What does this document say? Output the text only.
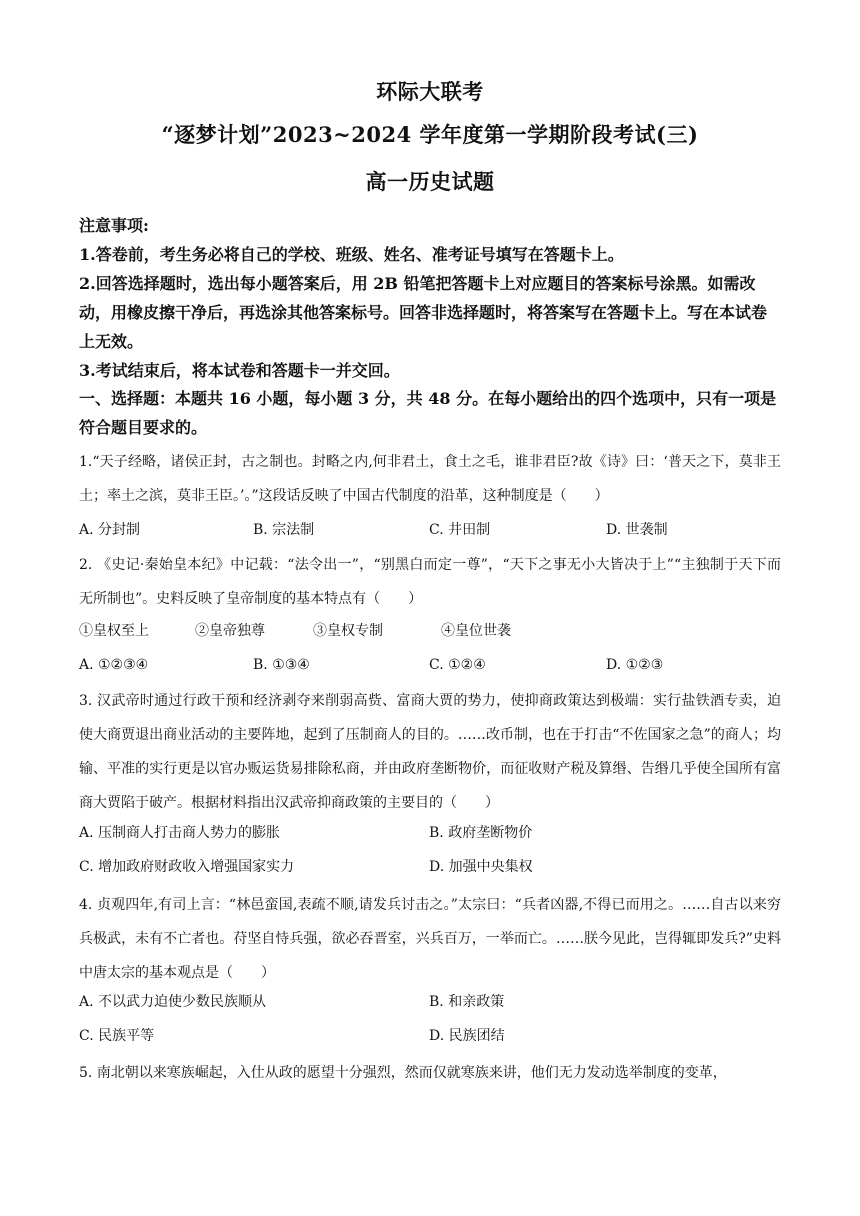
环际大联考
“逐梦计划”2023~2024 学年度第一学期阶段考试(三)
高一历史试题
注意事项:
1.答卷前，考生务必将自己的学校、班级、姓名、准考证号填写在答题卡上。
2.回答选择题时，选出每小题答案后，用 2B 铅笔把答题卡上对应题目的答案标号涂黑。如需改动，用橡皮擦干净后，再选涂其他答案标号。回答非选择题时，将答案写在答题卡上。写在本试卷上无效。
3.考试结束后，将本试卷和答题卡一并交回。
一、选择题：本题共 16 小题，每小题 3 分，共 48 分。在每小题给出的四个选项中，只有一项是符合题目要求的。
1.“天子经略，诸侯正封，古之制也。封略之内,何非君土，食土之毛，谁非君臣?故《诗》曰：‘普天之下，莫非王土；率土之滨，莫非王臣。’。”这段话反映了中国古代制度的沿革，这种制度是（　　）
A. 分封制	B. 宗法制	C. 井田制	D. 世袭制
2. 《史记·秦始皇本纪》中记载：“法令出一”，“别黑白而定一尊”，“天下之事无小大皆决于上”“主独制于天下而无所制也”。史料反映了皇帝制度的基本特点有（　　）
①皇权至上	②皇帝独尊	③皇权专制	④皇位世袭
A. ①②③④	B. ①③④	C. ①②④	D. ①②③
3. 汉武帝时通过行政干预和经济剥夺来削弱高赀、富商大贾的势力，使抑商政策达到极端：实行盐铁酒专卖，迫使大商贾退出商业活动的主要阵地，起到了压制商人的目的。……改币制，也在于打击“不佐国家之急”的商人；均输、平准的实行更是以官办贩运货易排除私商，并由政府垄断物价，而征收财产税及算缗、告缗几乎使全国所有富商大贾陷于破产。根据材料指出汉武帝抑商政策的主要目的（　　）
A. 压制商人打击商人势力的膨胀	B. 政府垄断物价
C. 增加政府财政收入增强国家实力	D. 加强中央集权
4. 贞观四年,有司上言：“林邑蛮国,表疏不顺,请发兵讨击之。”太宗曰：“兵者凶器,不得已而用之。……自古以来穷兵极武，未有不亡者也。苻坚自恃兵强，欲必吞晋室，兴兵百万，一举而亡。……朕今见此，岂得辄即发兵?”史料中唐太宗的基本观点是（　　）
A. 不以武力迫使少数民族顺从	B. 和亲政策
C. 民族平等	D. 民族团结
5. 南北朝以来寒族崛起，入仕从政的愿望十分强烈，然而仅就寒族来讲，他们无力发动选举制度的变革，
